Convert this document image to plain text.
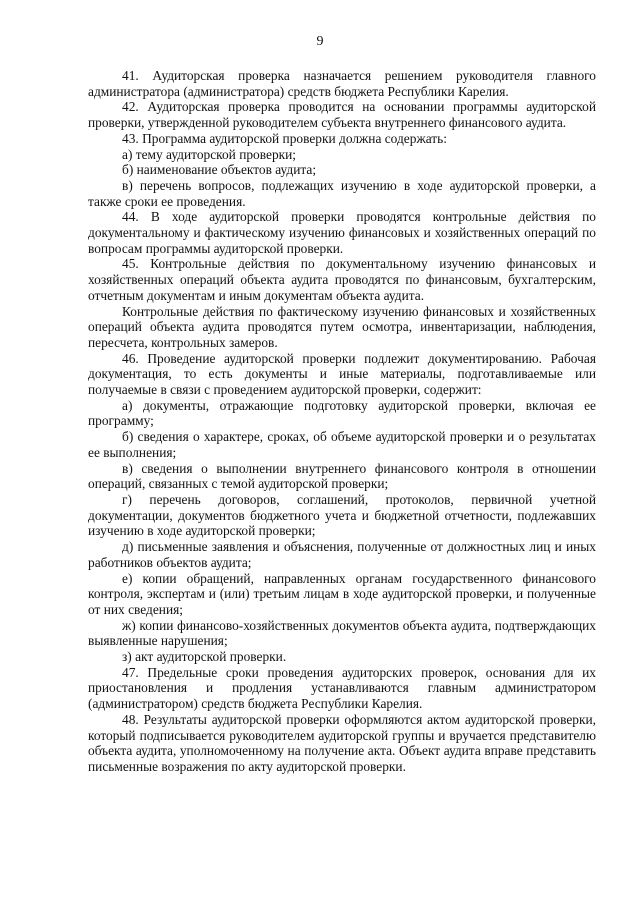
9

41. Аудиторская проверка назначается решением руководителя главного администратора (администратора) средств бюджета Республики Карелия.

42. Аудиторская проверка проводится на основании программы аудиторской проверки, утвержденной руководителем субъекта внутреннего финансового аудита.

43. Программа аудиторской проверки должна содержать:

а) тему аудиторской проверки;

б) наименование объектов аудита;

в) перечень вопросов, подлежащих изучению в ходе аудиторской проверки, а также сроки ее проведения.

44. В ходе аудиторской проверки проводятся контрольные действия по документальному и фактическому изучению финансовых и хозяйственных операций по вопросам программы аудиторской проверки.

45. Контрольные действия по документальному изучению финансовых и хозяйственных операций объекта аудита проводятся по финансовым, бухгалтерским, отчетным документам и иным документам объекта аудита.

Контрольные действия по фактическому изучению финансовых и хозяйственных операций объекта аудита проводятся путем осмотра, инвентаризации, наблюдения, пересчета, контрольных замеров.

46. Проведение аудиторской проверки подлежит документированию. Рабочая документация, то есть документы и иные материалы, подготавливаемые или получаемые в связи с проведением аудиторской проверки, содержит:

а) документы, отражающие подготовку аудиторской проверки, включая ее программу;

б) сведения о характере, сроках, об объеме аудиторской проверки и о результатах ее выполнения;

в) сведения о выполнении внутреннего финансового контроля в отношении операций, связанных с темой аудиторской проверки;

г) перечень договоров, соглашений, протоколов, первичной учетной документации, документов бюджетного учета и бюджетной отчетности, подлежавших изучению в ходе аудиторской проверки;

д) письменные заявления и объяснения, полученные от должностных лиц и иных работников объектов аудита;

е) копии обращений, направленных органам государственного финансового контроля, экспертам и (или) третьим лицам в ходе аудиторской проверки, и полученные от них сведения;

ж) копии финансово-хозяйственных документов объекта аудита, подтверждающих выявленные нарушения;

з) акт аудиторской проверки.

47. Предельные сроки проведения аудиторских проверок, основания для их приостановления и продления устанавливаются главным администратором (администратором) средств бюджета Республики Карелия.

48. Результаты аудиторской проверки оформляются актом аудиторской проверки, который подписывается руководителем аудиторской группы и вручается представителю объекта аудита, уполномоченному на получение акта. Объект аудита вправе представить письменные возражения по акту аудиторской проверки.
